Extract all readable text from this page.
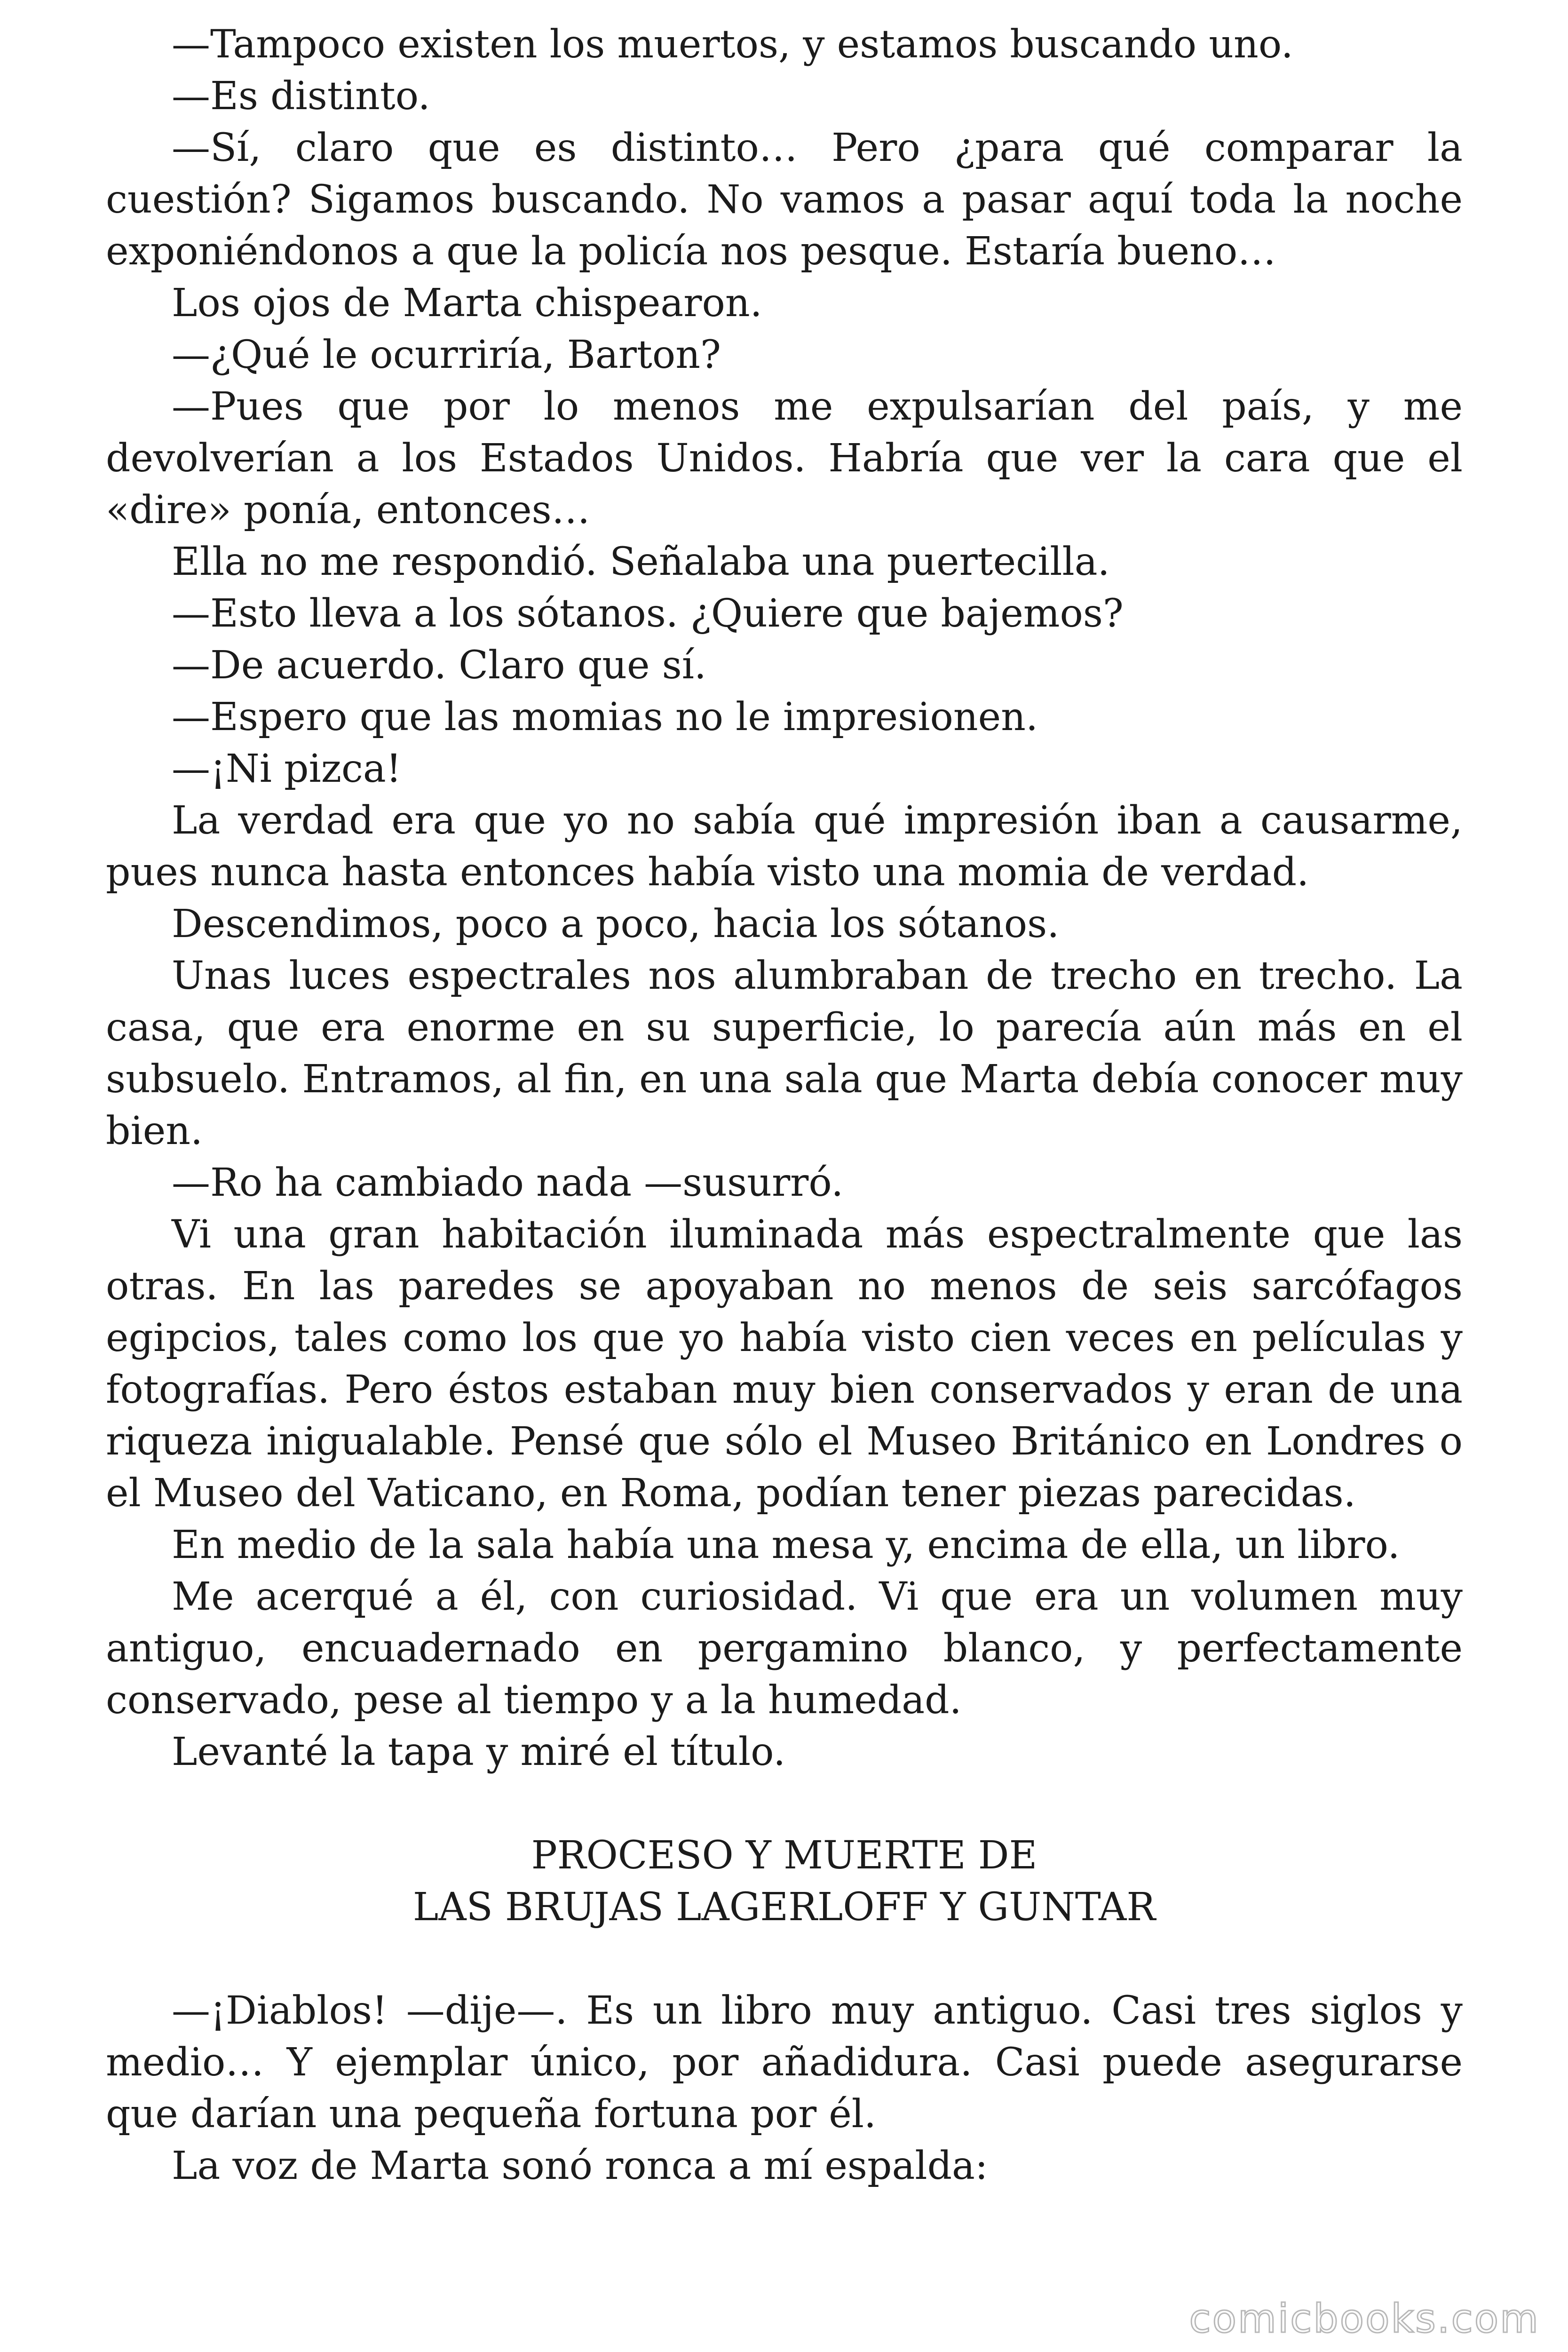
—Tampoco existen los muertos, y estamos buscando uno.

—Es distinto.

—Sí, claro que es distinto… Pero ¿para qué comparar la cuestión? Sigamos buscando. No vamos a pasar aquí toda la noche exponiéndonos a que la policía nos pesque. Estaría bueno…

Los ojos de Marta chispearon.

—¿Qué le ocurriría, Barton?

—Pues que por lo menos me expulsarían del país, y me devolverían a los Estados Unidos. Habría que ver la cara que el «dire» ponía, entonces…

Ella no me respondió. Señalaba una puertecilla.

—Esto lleva a los sótanos. ¿Quiere que bajemos?

—De acuerdo. Claro que sí.

—Espero que las momias no le impresionen.

—¡Ni pizca!

La verdad era que yo no sabía qué impresión iban a causarme, pues nunca hasta entonces había visto una momia de verdad.

Descendimos, poco a poco, hacia los sótanos.

Unas luces espectrales nos alumbraban de trecho en trecho. La casa, que era enorme en su superficie, lo parecía aún más en el subsuelo. Entramos, al fin, en una sala que Marta debía conocer muy bien.

—Ro ha cambiado nada —susurró.

Vi una gran habitación iluminada más espectralmente que las otras. En las paredes se apoyaban no menos de seis sarcófagos egipcios, tales como los que yo había visto cien veces en películas y fotografías. Pero éstos estaban muy bien conservados y eran de una riqueza inigualable. Pensé que sólo el Museo Británico en Londres o el Museo del Vaticano, en Roma, podían tener piezas parecidas.

En medio de la sala había una mesa y, encima de ella, un libro.

Me acerqué a él, con curiosidad. Vi que era un volumen muy antiguo, encuadernado en pergamino blanco, y perfectamente conservado, pese al tiempo y a la humedad.

Levanté la tapa y miré el título.

PROCESO Y MUERTE DE
LAS BRUJAS LAGERLOFF Y GUNTAR

—¡Diablos! —dije—. Es un libro muy antiguo. Casi tres siglos y medio… Y ejemplar único, por añadidura. Casi puede asegurarse que darían una pequeña fortuna por él.

La voz de Marta sonó ronca a mí espalda:

comicbooks.com
